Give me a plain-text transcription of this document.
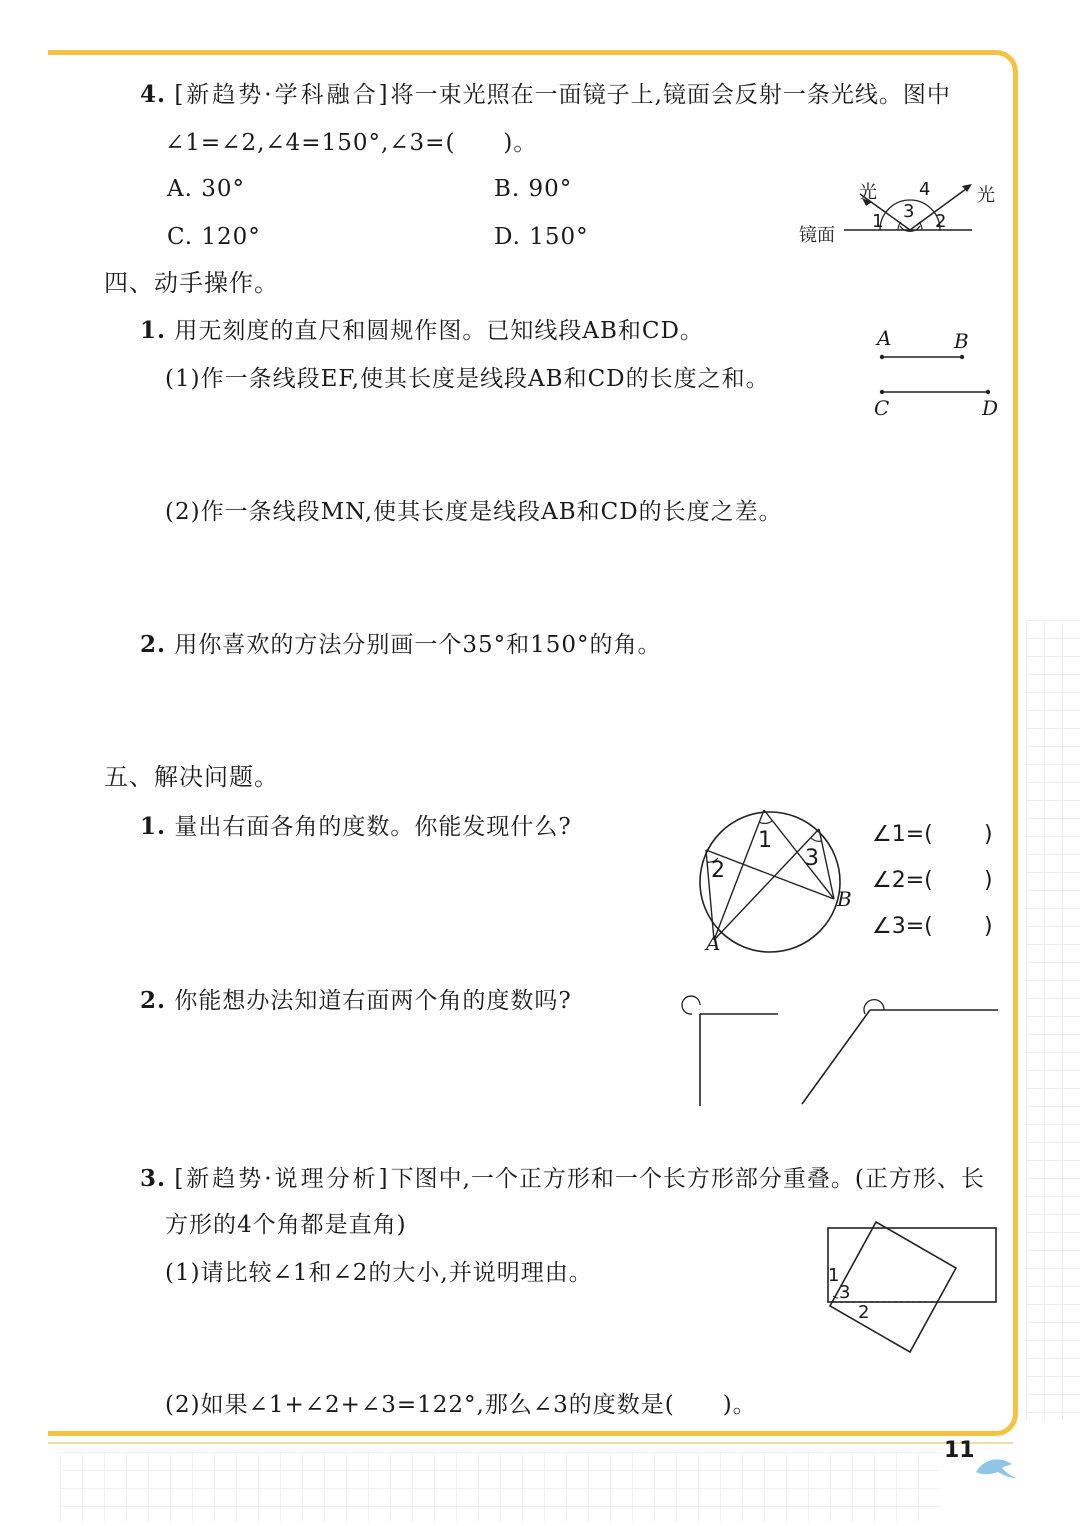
4. [新趋势·学科融合]将一束光照在一面镜子上,镜面会反射一条光线。图中
∠1=∠2,∠4=150°,∠3=(　　)。
A. 30°	B. 90°
C. 120°	D. 150°
光	光
镜面
1	2
3
4
四、动手操作。
1. 用无刻度的直尺和圆规作图。已知线段AB和CD。
(1)作一条线段EF,使其长度是线段AB和CD的长度之和。
A	B
C	D
(2)作一条线段MN,使其长度是线段AB和CD的长度之差。
2. 用你喜欢的方法分别画一个35°和150°的角。
五、解决问题。
1. 量出右面各角的度数。你能发现什么?
1
2	3
A
B
∠1=( )
∠2=( )
∠3=( )
2. 你能想办法知道右面两个角的度数吗?
3. [新趋势·说理分析]下图中,一个正方形和一个长方形部分重叠。(正方形、长
方形的4个角都是直角)
(1)请比较∠1和∠2的大小,并说明理由。	1
3
2
(2)如果∠1+∠2+∠3=122°,那么∠3的度数是(　　)。
11
